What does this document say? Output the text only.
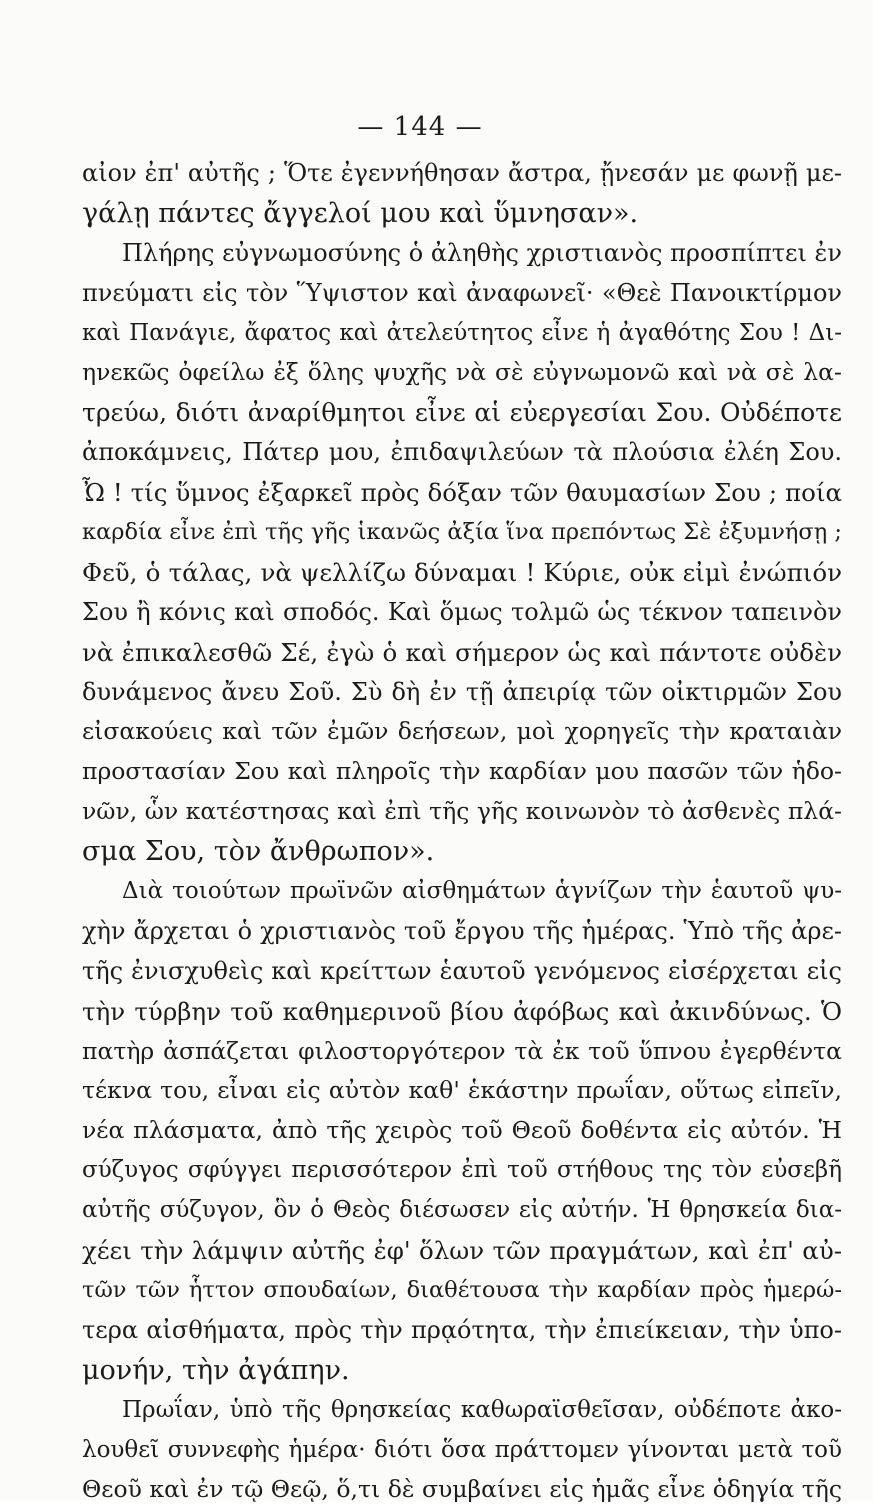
— 144 —
αἰον ἐπ' αὐτῆς ; Ὅτε ἐγεννήθησαν ἄστρα, ᾔνεσάν με φωνῇ με-
γάλῃ πάντες ἄγγελοί μου καὶ ὕμνησαν».
Πλήρης εὐγνωμοσύνης ὁ ἀληθὴς χριστιανὸς προσπίπτει ἐν
πνεύματι εἰς τὸν Ὕψιστον καὶ ἀναφωνεῖ· «Θεὲ Πανοικτίρμον
καὶ Πανάγιε, ἄφατος καὶ ἀτελεύτητος εἶνε ἡ ἀγαθότης Σου ! Δι-
ηνεκῶς ὀφείλω ἐξ ὅλης ψυχῆς νὰ σὲ εὐγνωμονῶ καὶ νὰ σὲ λα-
τρεύω, διότι ἀναρίθμητοι εἶνε αἱ εὐεργεσίαι Σου. Οὐδέποτε
ἀποκάμνεις, Πάτερ μου, ἐπιδαψιλεύων τὰ πλούσια ἐλέη Σου.
Ὦ ! τίς ὕμνος ἐξαρκεῖ πρὸς δόξαν τῶν θαυμασίων Σου ; ποία
καρδία εἶνε ἐπὶ τῆς γῆς ἱκανῶς ἀξία ἵνα πρεπόντως Σὲ ἐξυμνήσῃ ;
Φεῦ, ὁ τάλας, νὰ ψελλίζω δύναμαι ! Κύριε, οὐκ εἰμὶ ἐνώπιόν
Σου ἢ κόνις καὶ σποδός. Καὶ ὅμως τολμῶ ὡς τέκνον ταπεινὸν
νὰ ἐπικαλεσθῶ Σέ, ἐγὼ ὁ καὶ σήμερον ὡς καὶ πάντοτε οὐδὲν
δυνάμενος ἄνευ Σοῦ. Σὺ δὴ ἐν τῇ ἀπειρίᾳ τῶν οἰκτιρμῶν Σου
εἰσακούεις καὶ τῶν ἐμῶν δεήσεων, μοὶ χορηγεῖς τὴν κραταιὰν
προστασίαν Σου καὶ πληροῖς τὴν καρδίαν μου πασῶν τῶν ἡδο-
νῶν, ὧν κατέστησας καὶ ἐπὶ τῆς γῆς κοινωνὸν τὸ ἀσθενὲς πλά-
σμα Σου, τὸν ἄνθρωπον».
Διὰ τοιούτων πρωϊνῶν αἰσθημάτων ἁγνίζων τὴν ἑαυτοῦ ψυ-
χὴν ἄρχεται ὁ χριστιανὸς τοῦ ἔργου τῆς ἡμέρας. Ὑπὸ τῆς ἀρε-
τῆς ἐνισχυθεὶς καὶ κρείττων ἑαυτοῦ γενόμενος εἰσέρχεται εἰς
τὴν τύρβην τοῦ καθημερινοῦ βίου ἀφόβως καὶ ἀκινδύνως. Ὁ
πατὴρ ἀσπάζεται φιλοστοργότερον τὰ ἐκ τοῦ ὕπνου ἐγερθέντα
τέκνα του, εἶναι εἰς αὐτὸν καθ' ἑκάστην πρωΐαν, οὕτως εἰπεῖν,
νέα πλάσματα, ἀπὸ τῆς χειρὸς τοῦ Θεοῦ δοθέντα εἰς αὐτόν. Ἡ
σύζυγος σφύγγει περισσότερον ἐπὶ τοῦ στήθους της τὸν εὐσεβῆ
αὐτῆς σύζυγον, ὃν ὁ Θεὸς διέσωσεν εἰς αὐτήν. Ἡ θρησκεία δια-
χέει τὴν λάμψιν αὐτῆς ἐφ' ὅλων τῶν πραγμάτων, καὶ ἐπ' αὐ-
τῶν τῶν ἧττον σπουδαίων, διαθέτουσα τὴν καρδίαν πρὸς ἡμερώ-
τερα αἰσθήματα, πρὸς τὴν πρᾳότητα, τὴν ἐπιείκειαν, τὴν ὑπο-
μονήν, τὴν ἀγάπην.
Πρωΐαν, ὑπὸ τῆς θρησκείας καθωραϊσθεῖσαν, οὐδέποτε ἀκο-
λουθεῖ συννεφὴς ἡμέρα· διότι ὅσα πράττομεν γίνονται μετὰ τοῦ
Θεοῦ καὶ ἐν τῷ Θεῷ, ὅ,τι δὲ συμβαίνει εἰς ἡμᾶς εἶνε ὁδηγία τῆς
